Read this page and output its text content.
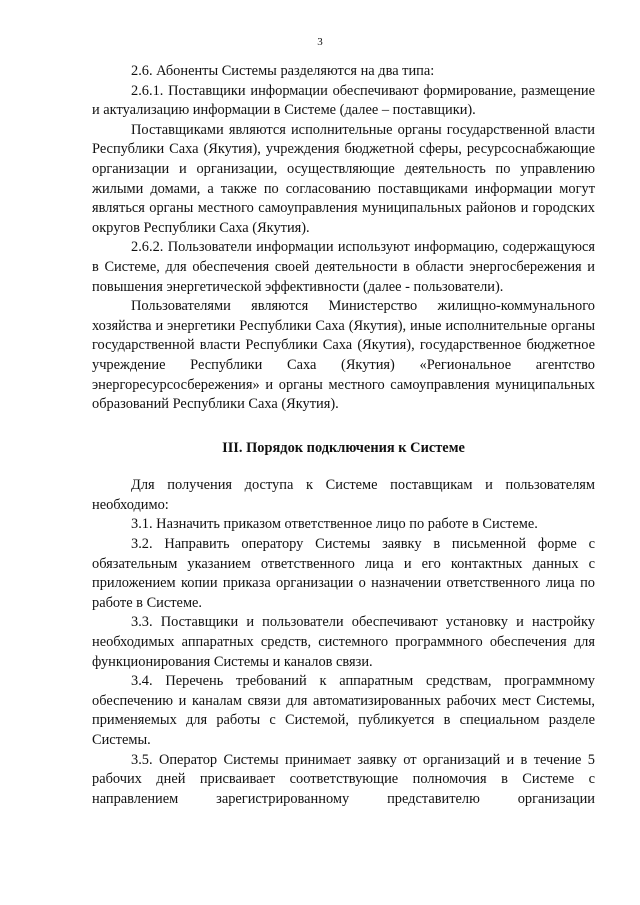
3

2.6. Абоненты Системы разделяются на два типа:

2.6.1. Поставщики информации обеспечивают формирование, размещение и актуализацию информации в Системе (далее – поставщики).

Поставщиками являются исполнительные органы государственной власти Республики Саха (Якутия), учреждения бюджетной сферы, ресурсоснабжающие организации и организации, осуществляющие деятельность по управлению жилыми домами, а также по согласованию поставщиками информации могут являться органы местного самоуправления муниципальных районов и городских округов Республики Саха (Якутия).

2.6.2. Пользователи информации используют информацию, содержащуюся в Системе, для обеспечения своей деятельности в области энергосбережения и повышения энергетической эффективности (далее - пользователи).

Пользователями являются Министерство жилищно-коммунального хозяйства и энергетики Республики Саха (Якутия), иные исполнительные органы государственной власти Республики Саха (Якутия), государственное бюджетное учреждение Республики Саха (Якутия) «Региональное агентство энергоресурсосбережения» и органы местного самоуправления муниципальных образований Республики Саха (Якутия).

III. Порядок подключения к Системе

Для получения доступа к Системе поставщикам и пользователям необходимо:

3.1. Назначить приказом ответственное лицо по работе в Системе.

3.2. Направить оператору Системы заявку в письменной форме с обязательным указанием ответственного лица и его контактных данных с приложением копии приказа организации о назначении ответственного лица по работе в Системе.

3.3. Поставщики и пользователи обеспечивают установку и настройку необходимых аппаратных средств, системного программного обеспечения для функционирования Системы и каналов связи.

3.4. Перечень требований к аппаратным средствам, программному обеспечению и каналам связи для автоматизированных рабочих мест Системы, применяемых для работы с Системой, публикуется в специальном разделе Системы.

3.5. Оператор Системы принимает заявку от организаций и в течение 5 рабочих дней присваивает соответствующие полномочия в Системе с направлением зарегистрированному представителю организации
